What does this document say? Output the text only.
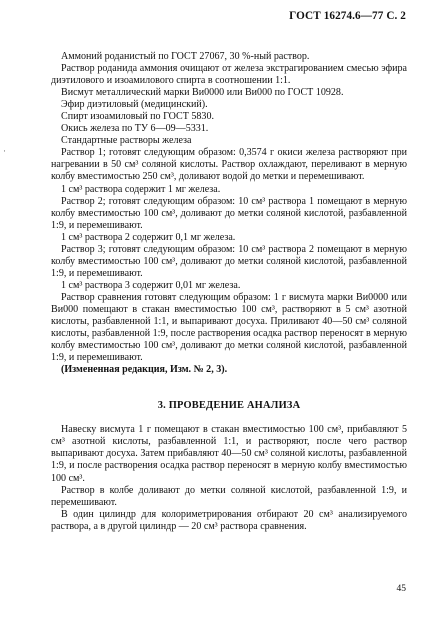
ГОСТ 16274.6—77 С. 2
·

Аммоний роданистый по ГОСТ 27067, 30 %-ный раствор.

Раствор роданида аммония очищают от железа экстрагированием смесью эфира диэтилового и изоамилового спирта в соотношении 1:1.

Висмут металлический марки Ви0000 или Ви000 по ГОСТ 10928.

Эфир диэтиловый (медицинский).

Спирт изоамиловый по ГОСТ 5830.

Окись железа по ТУ 6—09—5331.

Стандартные растворы железа

Раствор 1; готовят следующим образом: 0,3574 г окиси железа растворяют при нагревании в 50 см³ соляной кислоты. Раствор охлаждают, переливают в мерную колбу вместимостью 250 см³, доливают водой до метки и перемешивают.

1 см³ раствора содержит 1 мг железа.

Раствор 2; готовят следующим образом: 10 см³ раствора 1 помещают в мерную колбу вместимостью 100 см³, доливают до метки соляной кислотой, разбавленной 1:9, и перемешивают.

1 см³ раствора 2 содержит 0,1 мг железа.

Раствор 3; готовят следующим образом: 10 см³ раствора 2 помещают в мерную колбу вместимостью 100 см³, доливают до метки соляной кислотой, разбавленной 1:9, и перемешивают.

1 см³ раствора 3 содержит 0,01 мг железа.

Раствор сравнения готовят следующим образом: 1 г висмута марки Ви0000 или Ви000 помещают в стакан вместимостью 100 см³, растворяют в 5 см³ азотной кислоты, разбавленной 1:1, и выпаривают досуха. Приливают 40—50 см³ соляной кислоты, разбавленной 1:9, после растворения осадка раствор переносят в мерную колбу вместимостью 100 см³, доливают до метки соляной кислотой, разбавленной 1:9, и перемешивают.

(Измененная редакция, Изм. № 2, 3).

3. ПРОВЕДЕНИЕ АНАЛИЗА

Навеску висмута 1 г помещают в стакан вместимостью 100 см³, прибавляют 5 см³ азотной кислоты, разбавленной 1:1, и растворяют, после чего раствор выпаривают досуха. Затем прибавляют 40—50 см³ соляной кислоты, разбавленной 1:9, и после растворения осадка раствор переносят в мерную колбу вместимостью 100 см³.

Раствор в колбе доливают до метки соляной кислотой, разбавленной 1:9, и перемешивают.

В один цилиндр для колориметрирования отбирают 20 см³ анализируемого раствора, а в другой цилиндр — 20 см³ раствора сравнения.

45
